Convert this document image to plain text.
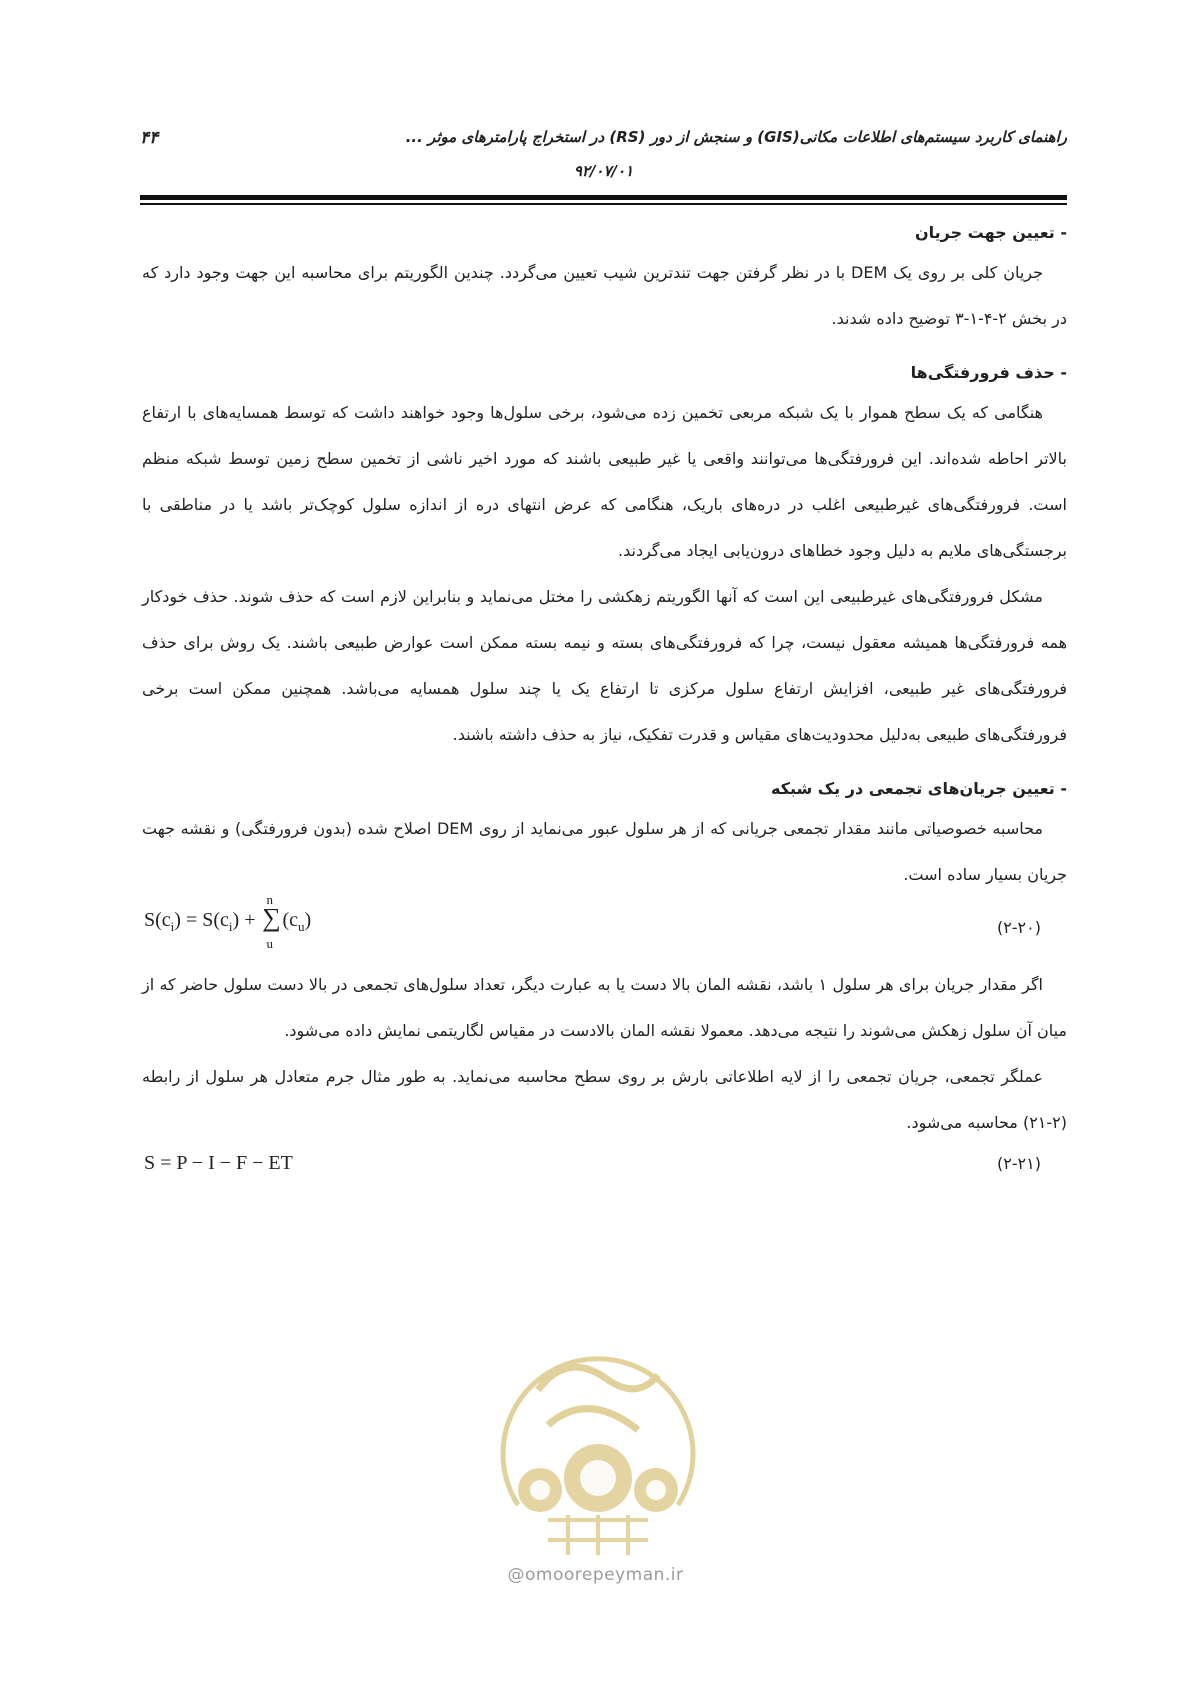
۴۴	راهنمای کاربرد سیستم‌های اطلاعات مکانی(GIS) و سنجش از دور (RS) در استخراج پارامترهای موثر ...
۹۲/۰۷/۰۱
- تعیین جهت جریان

جریان کلی بر روی یک DEM با در نظر گرفتن جهت تندترین شیب تعیین می‌گردد. چندین الگوریتم برای محاسبه این جهت وجود دارد که در بخش ۲-۴-۱-۳ توضیح داده شدند.

- حذف فرورفتگی‌ها

هنگامی که یک سطح هموار با یک شبکه مربعی تخمین زده می‌شود، برخی سلول‌ها وجود خواهند داشت که توسط همسایه‌های با ارتفاع بالاتر احاطه شده‌اند. این فرورفتگی‌ها می‌توانند واقعی یا غیر طبیعی باشند که مورد اخیر ناشی از تخمین سطح زمین توسط شبکه منظم است. فرورفتگی‌های غیرطبیعی اغلب در دره‌های باریک، هنگامی که عرض انتهای دره از اندازه سلول کوچک‌تر باشد یا در مناطقی با برجستگی‌های ملایم به دلیل وجود خطاهای درون‌یابی ایجاد می‌گردند.

مشکل فرورفتگی‌های غیرطبیعی این است که آنها الگوریتم زهکشی را مختل می‌نماید و بنابراین لازم است که حذف شوند. حذف خودکار همه فرورفتگی‌ها همیشه معقول نیست، چرا که فرورفتگی‌های بسته و نیمه بسته ممکن است عوارض طبیعی باشند. یک روش برای حذف فرورفتگی‌های غیر طبیعی، افزایش ارتفاع سلول مرکزی تا ارتفاع یک یا چند سلول همسایه می‌باشد. همچنین ممکن است برخی فرورفتگی‌های طبیعی به‌دلیل محدودیت‌های مقیاس و قدرت تفکیک، نیاز به حذف داشته باشند.

- تعیین جریان‌های تجمعی در یک شبکه

محاسبه خصوصیاتی مانند مقدار تجمعی جریانی که از هر سلول عبور می‌نماید از روی DEM اصلاح شده (بدون فرورفتگی) و نقشه جهت جریان بسیار ساده است.

$S(c_i) = S(c_i)$ +
n
∑
u
$(c_u)$	(۲-۲۰)

اگر مقدار جریان برای هر سلول ۱ باشد، نقشه المان بالا دست یا به عبارت دیگر، تعداد سلول‌های تجمعی در بالا دست سلول حاضر که از میان آن سلول زهکش می‌شوند را نتیجه می‌دهد. معمولا نقشه المان بالادست در مقیاس لگاریتمی نمایش داده می‌شود.

عملگر تجمعی، جریان تجمعی را از لایه اطلاعاتی بارش بر روی سطح محاسبه می‌نماید. به طور مثال جرم متعادل هر سلول از رابطه (۲-۲۱) محاسبه می‌شود.

S = P − I − F − ET	(۲-۲۱)
@omoorepeyman.ir
